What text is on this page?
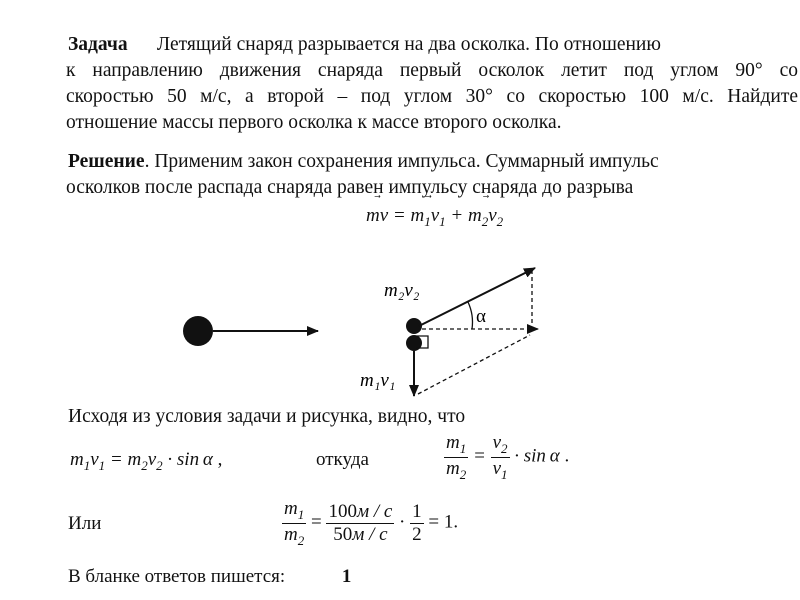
Задача Летящий снаряд разрывается на два осколка. По отношению
к направлению движения снаряда первый осколок летит под углом 90° со
скоростью 50 м/с, а второй – под углом 30° со скоростью 100 м/с. Найдите
отношение массы первого осколка к массе второго осколка.
Решение. Применим закон сохранения импульса. Суммарный импульс
осколков после распада снаряда равен импульсу снаряда до разрыва
mv
= $m_1v$
$_1 + m_2v$
$_2$
α
m₂v₂
m₁v₁
Исходя из условия задачи и рисунка, видно, что
$m_1v_1 = m_2v_2 \cdot \sin \alpha$ ,	откуда	$\frac{m_1}{m_2} = \frac{v_2}{v_1} \cdot \sin \alpha$ .
Или	$\frac{m_1}{m_2} = \frac{100м / с}{50м / с} \cdot \frac{1}{2} = 1$.
В бланке ответов пишется:	1
